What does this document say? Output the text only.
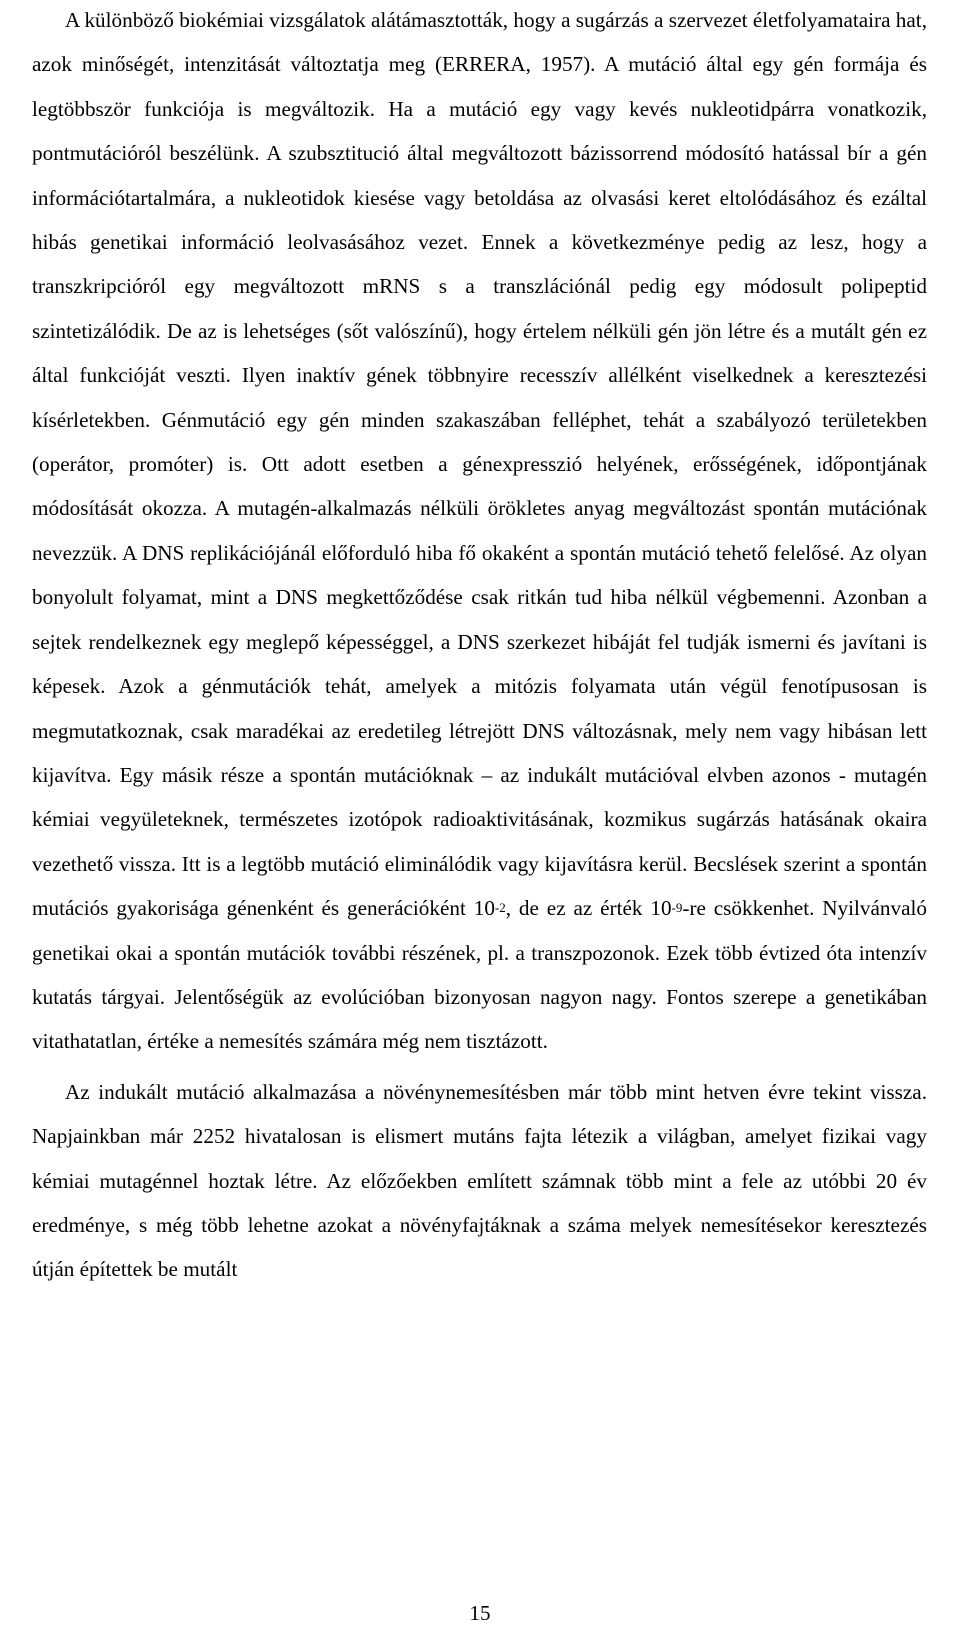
A különböző biokémiai vizsgálatok alátámasztották, hogy a sugárzás a szervezet életfolyamataira hat, azok minőségét, intenzitását változtatja meg (ERRERA, 1957). A mutáció által egy gén formája és legtöbbször funkciója is megváltozik. Ha a mutáció egy vagy kevés nukleotidpárra vonatkozik, pontmutációról beszélünk. A szubsztitució által megváltozott bázissorrend módosító hatással bír a gén információtartalmára, a nukleotidok kiesése vagy betoldása az olvasási keret eltolódásához és ezáltal hibás genetikai információ leolvasásához vezet. Ennek a következménye pedig az lesz, hogy a transzkripcióról egy megváltozott mRNS s a transzlációnál pedig egy módosult polipeptid szintetizálódik. De az is lehetséges (sőt valószínű), hogy értelem nélküli gén jön létre és a mutált gén ez által funkcióját veszti. Ilyen inaktív gének többnyire recesszív allélként viselkednek a keresztezési kísérletekben. Génmutáció egy gén minden szakaszában felléphet, tehát a szabályozó területekben (operátor, promóter) is. Ott adott esetben a génexpresszió helyének, erősségének, időpontjának módosítását okozza. A mutagén-alkalmazás nélküli örökletes anyag megváltozást spontán mutációnak nevezzük. A DNS replikációjánál előforduló hiba fő okaként a spontán mutáció tehető felelősé. Az olyan bonyolult folyamat, mint a DNS megkettőződése csak ritkán tud hiba nélkül végbemenni. Azonban a sejtek rendelkeznek egy meglepő képességgel, a DNS szerkezet hibáját fel tudják ismerni és javítani is képesek. Azok a génmutációk tehát, amelyek a mitózis folyamata után végül fenotípusosan is megmutatkoznak, csak maradékai az eredetileg létrejött DNS változásnak, mely nem vagy hibásan lett kijavítva. Egy másik része a spontán mutációknak – az indukált mutációval elvben azonos - mutagén kémiai vegyületeknek, természetes izotópok radioaktivitásának, kozmikus sugárzás hatásának okaira vezethető vissza. Itt is a legtöbb mutáció eliminálódik vagy kijavításra kerül. Becslések szerint a spontán mutációs gyakorisága génenként és generációként $10^{-2}$, de ez az érték $10^{-9}-re$ csökkenhet. Nyilvánvaló genetikai okai a spontán mutációk további részének, pl. a transzpozonok. Ezek több évtized óta intenzív kutatás tárgyai. Jelentőségük az evolúcióban bizonyosan nagyon nagy. Fontos szerepe a genetikában vitathatatlan, értéke a nemesítés számára még nem tisztázott.

Az indukált mutáció alkalmazása a növénynemesítésben már több mint hetven évre tekint vissza. Napjainkban már 2252 hivatalosan is elismert mutáns fajta létezik a világban, amelyet fizikai vagy kémiai mutagénnel hoztak létre. Az előzőekben említett számnak több mint a fele az utóbbi 20 év eredménye, s még több lehetne azokat a növényfajtáknak a száma melyek nemesítésekor keresztezés útján építettek be mutált

15
